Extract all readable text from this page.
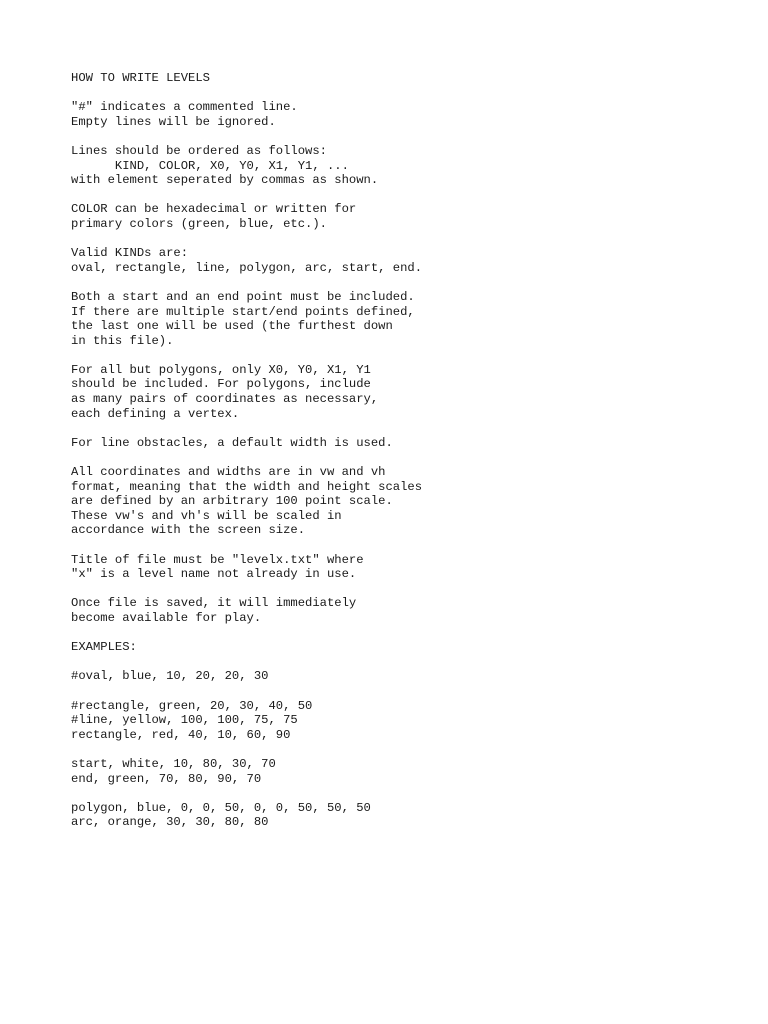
HOW TO WRITE LEVELS

"#" indicates a commented line.
Empty lines will be ignored.

Lines should be ordered as follows:
KIND, COLOR, X0, Y0, X1, Y1, ...
with element seperated by commas as shown.

COLOR can be hexadecimal or written for
primary colors (green, blue, etc.).

Valid KINDs are:
oval, rectangle, line, polygon, arc, start, end.

Both a start and an end point must be included.
If there are multiple start/end points defined,
the last one will be used (the furthest down
in this file).

For all but polygons, only X0, Y0, X1, Y1
should be included. For polygons, include
as many pairs of coordinates as necessary,
each defining a vertex.

For line obstacles, a default width is used.

All coordinates and widths are in vw and vh
format, meaning that the width and height scales
are defined by an arbitrary 100 point scale.
These vw's and vh's will be scaled in
accordance with the screen size.

Title of file must be "levelx.txt" where
"x" is a level name not already in use.

Once file is saved, it will immediately
become available for play.

EXAMPLES:

#oval, blue, 10, 20, 20, 30

#rectangle, green, 20, 30, 40, 50
#line, yellow, 100, 100, 75, 75
rectangle, red, 40, 10, 60, 90

start, white, 10, 80, 30, 70
end, green, 70, 80, 90, 70

polygon, blue, 0, 0, 50, 0, 0, 50, 50, 50
arc, orange, 30, 30, 80, 80
